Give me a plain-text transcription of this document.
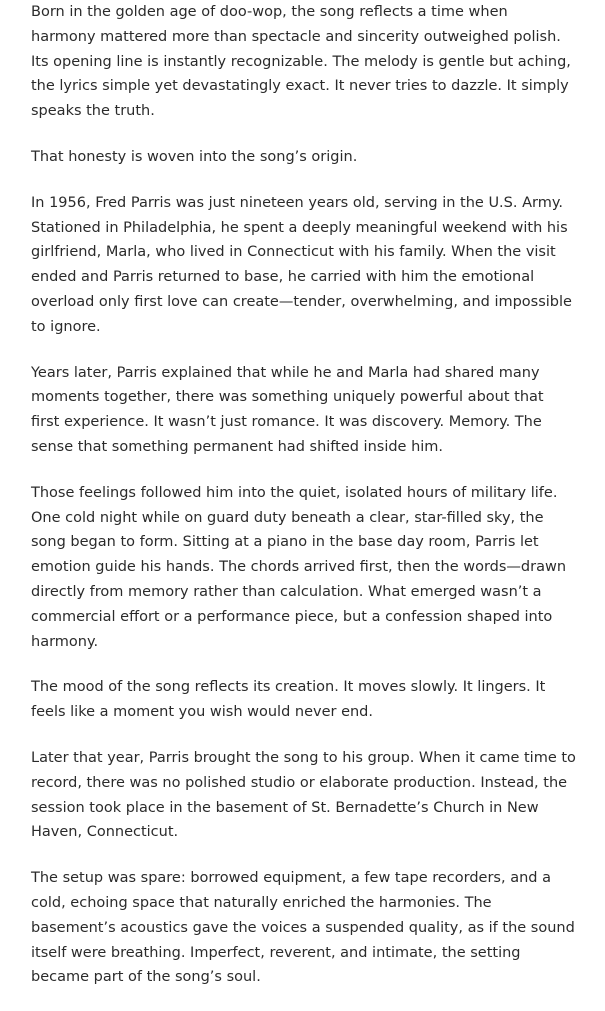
Born in the golden age of doo-wop, the song reflects a time when harmony mattered more than spectacle and sincerity outweighed polish. Its opening line is instantly recognizable. The melody is gentle but aching, the lyrics simple yet devastatingly exact. It never tries to dazzle. It simply speaks the truth.

That honesty is woven into the song’s origin.

In 1956, Fred Parris was just nineteen years old, serving in the U.S. Army. Stationed in Philadelphia, he spent a deeply meaningful weekend with his girlfriend, Marla, who lived in Connecticut with his family. When the visit ended and Parris returned to base, he carried with him the emotional overload only first love can create—tender, overwhelming, and impossible to ignore.

Years later, Parris explained that while he and Marla had shared many moments together, there was something uniquely powerful about that first experience. It wasn’t just romance. It was discovery. Memory. The sense that something permanent had shifted inside him.

Those feelings followed him into the quiet, isolated hours of military life. One cold night while on guard duty beneath a clear, star-filled sky, the song began to form. Sitting at a piano in the base day room, Parris let emotion guide his hands. The chords arrived first, then the words—drawn directly from memory rather than calculation. What emerged wasn’t a commercial effort or a performance piece, but a confession shaped into harmony.

The mood of the song reflects its creation. It moves slowly. It lingers. It feels like a moment you wish would never end.

Later that year, Parris brought the song to his group. When it came time to record, there was no polished studio or elaborate production. Instead, the session took place in the basement of St. Bernadette’s Church in New Haven, Connecticut.

The setup was spare: borrowed equipment, a few tape recorders, and a cold, echoing space that naturally enriched the harmonies. The basement’s acoustics gave the voices a suspended quality, as if the sound itself were breathing. Imperfect, reverent, and intimate, the setting became part of the song’s soul.
